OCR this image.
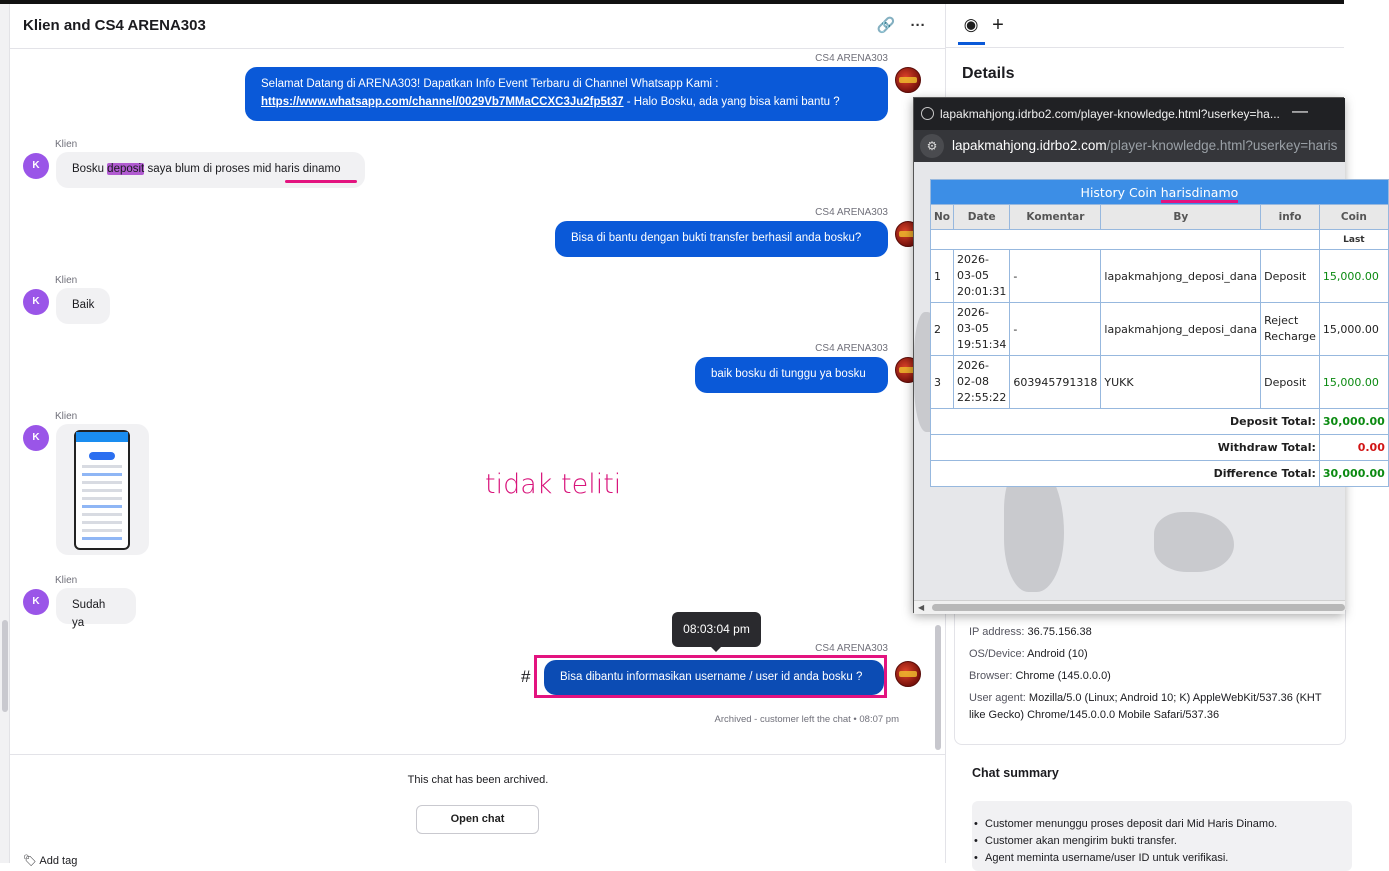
Klien and CS4 ARENA303	🔗 ···
CS4 ARENA303
Selamat Datang di ARENA303! Dapatkan Info Event Terbaru di Channel Whatsapp Kami :
https://www.whatsapp.com/channel/0029Vb7MMaCCXC3Ju2fp5t37 - Halo Bosku, ada yang bisa kami bantu ?
Klien
K	Bosku deposit saya blum di proses mid haris dinamo
CS4 ARENA303
Bisa di bantu dengan bukti transfer berhasil anda bosku?
Klien
K	Baik
CS4 ARENA303
baik bosku di tunggu ya bosku
Klien
K
tidak teliti
Klien
K	Sudah ya	08:03:04 pm
CS4 ARENA303
#	Bisa dibantu informasikan username / user id anda bosku ?
Archived - customer left the chat • 08:07 pm
This chat has been archived.
Open chat
🏷 Add tag
◉ +
Details
IP address: 36.75.156.38
OS/Device: Android (10)
Browser: Chrome (145.0.0.0)
User agent: Mozilla/5.0 (Linux; Android 10; K) AppleWebKit/537.36 (KHT
like Gecko) Chrome/145.0.0.0 Mobile Safari/537.36
Chat summary
• Customer menunggu proses deposit dari Mid Haris Dinamo.
• Customer akan mengirim bukti transfer.
• Agent meminta username/user ID untuk verifikasi.
lapakmahjong.idrbo2.com/player-knowledge.html?userkey=ha... —
⚙	lapakmahjong.idrbo2.com/player-knowledge.html?userkey=haris
History Coin harisdinamo					
No	Date	Komentar	By	info	Coin
					Last
1	2026-
03-05
20:01:31	-	lapakmahjong_deposi_dana	Deposit	15,000.00
2	2026-
03-05
19:51:34	-	lapakmahjong_deposi_dana	Reject Recharge	15,000.00
3	2026-
02-08
22:55:22	603945791318	YUKK	Deposit	15,000.00
Deposit Total:					30,000.00
Withdraw Total:					0.00
Difference Total:					30,000.00
◀
